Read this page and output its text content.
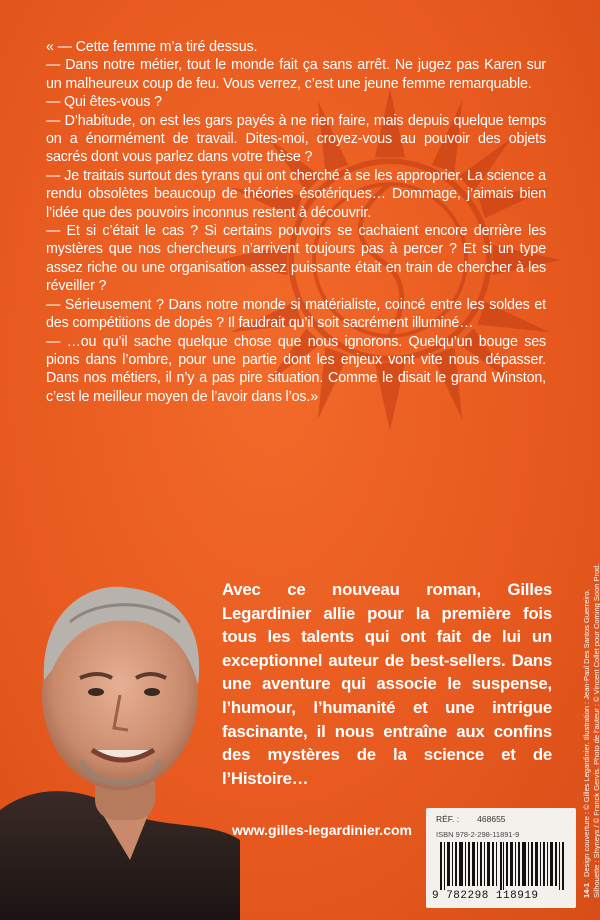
« — Cette femme m’a tiré dessus.

— Dans notre métier, tout le monde fait ça sans arrêt. Ne jugez pas Karen sur un malheureux coup de feu. Vous verrez, c’est une jeune femme remarquable.

— Qui êtes-vous ?

— D’habitude, on est les gars payés à ne rien faire, mais depuis quelque temps on a énormément de travail. Dites-moi, croyez-vous au pouvoir des objets sacrés dont vous parlez dans votre thèse ?

— Je traitais surtout des tyrans qui ont cherché à se les approprier. La science a rendu obsolètes beaucoup de théories ésotériques… Dommage, j’aimais bien l’idée que des pouvoirs inconnus restent à découvrir.

— Et si c’était le cas ? Si certains pouvoirs se cachaient encore derrière les mystères que nos chercheurs n’arrivent toujours pas à percer ? Et si un type assez riche ou une organisation assez puissante était en train de chercher à les réveiller ?

— Sérieusement ? Dans notre monde si matérialiste, coincé entre les soldes et des compétitions de dopés ? Il faudrait qu’il soit sacrément illuminé…

— …ou qu’il sache quelque chose que nous ignorons. Quelqu’un bouge ses pions dans l’ombre, pour une partie dont les enjeux vont vite nous dépasser. Dans nos métiers, il n’y a pas pire situation. Comme le disait le grand Winston, c’est le meilleur moyen de l’avoir dans l’os.»

Avec ce nouveau roman, Gilles Legardinier allie pour la première fois tous les talents qui ont fait de lui un exceptionnel auteur de best-sellers. Dans une aventure qui associe le suspense, l’humour, l’humanité et une intrigue fascinante, il nous entraîne aux confins des mystères de la science et de l’Histoire…
www.gilles-legardinier.com
14-1Design couverture : © Gilles Legardinier. Illustration : Jean-Paul Des Santos Guerreiro. Silhouette : Shyneys / © Franck Gervis. Photo de l’auteur : © Vincent Collet pour Coming Soon Prod.
RÉF. : 468655
ISBN 978-2-298-11891-9
9 782298 118919
